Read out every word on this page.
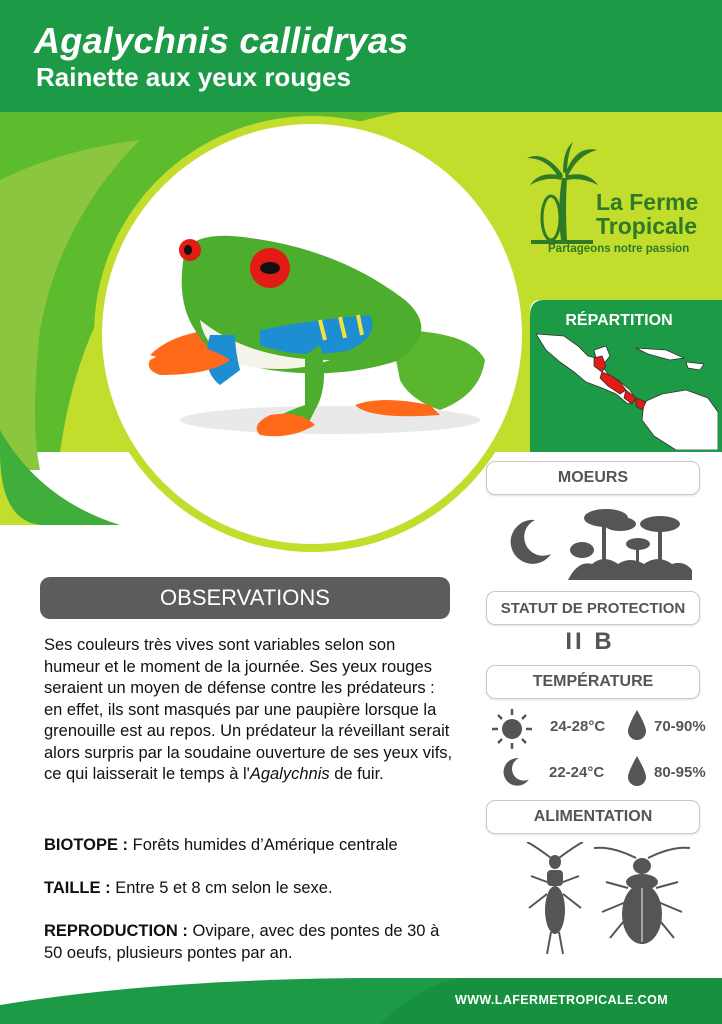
Agalychnis callidryas
Rainette aux yeux rouges
La Ferme
Tropicale
Partageons notre passion
RÉPARTITION
MOEURS
STATUT DE PROTECTION
II B
TEMPÉRATURE
24-28°C	70-90%
22-24°C	80-95%
ALIMENTATION
OBSERVATIONS

Ses couleurs très vives sont variables selon son humeur et le moment de la journée. Ses yeux rouges seraient un moyen de défense contre les prédateurs : en effet, ils sont masqués par une paupière lorsque la grenouille est au repos. Un prédateur la réveillant serait alors surpris par la soudaine ouverture de ses yeux vifs, ce qui laisserait le temps à l'Agalychnis de fuir.

BIOTOPE : Forêts humides d’Amérique centrale

TAILLE : Entre 5 et 8 cm selon le sexe.

REPRODUCTION : Ovipare, avec des pontes de 30 à 50 oeufs, plusieurs pontes par an.

WWW.LAFERMETROPICALE.COM
